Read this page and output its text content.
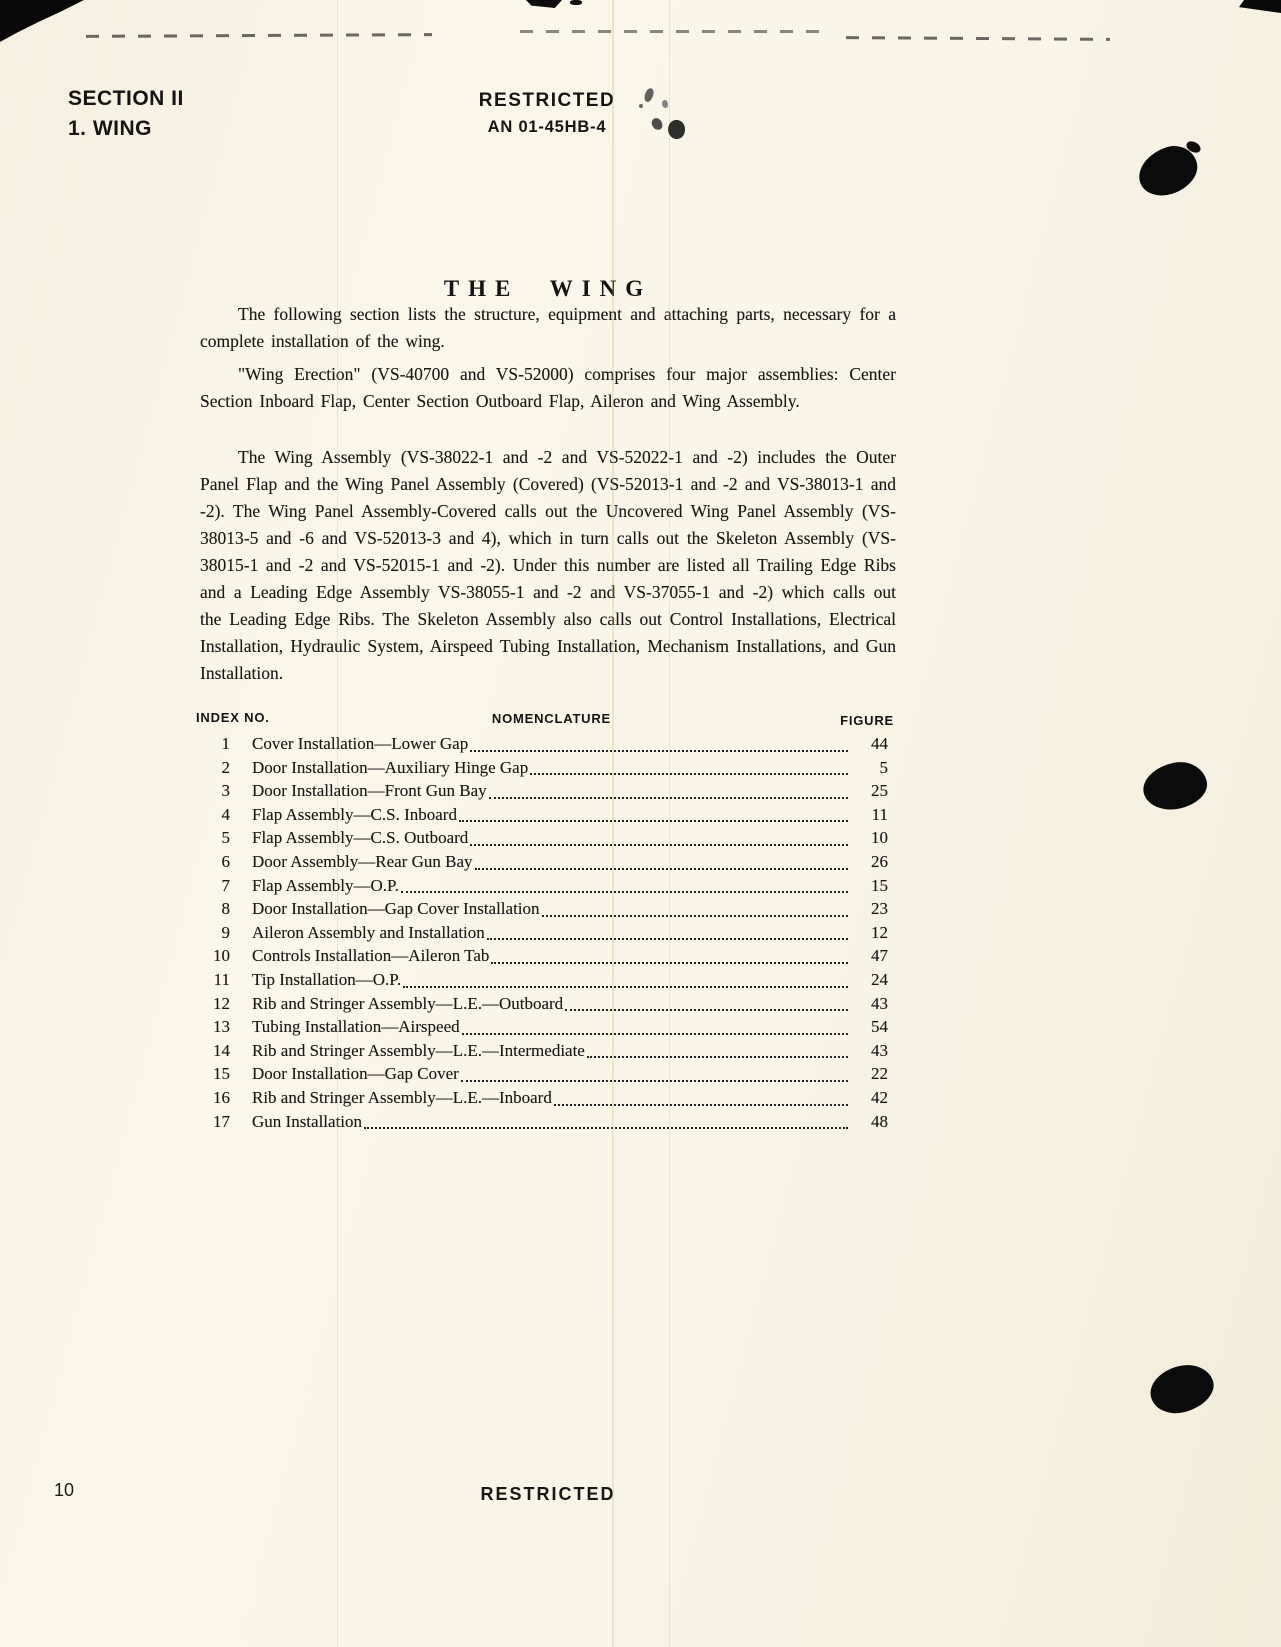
SECTION II
1. WING
RESTRICTED
AN 01-45HB-4
THE WING
The following section lists the structure, equipment and attaching parts, necessary for a complete installation of the wing.
"Wing Erection" (VS-40700 and VS-52000) comprises four major assemblies: Center Section Inboard Flap, Center Section Outboard Flap, Aileron and Wing Assembly.
The Wing Assembly (VS-38022-1 and -2 and VS-52022-1 and -2) includes the Outer Panel Flap and the Wing Panel Assembly (Covered) (VS-52013-1 and -2 and VS-38013-1 and -2). The Wing Panel Assembly-Covered calls out the Uncovered Wing Panel Assembly (VS-38013-5 and -6 and VS-52013-3 and 4), which in turn calls out the Skeleton Assembly (VS-38015-1 and -2 and VS-52015-1 and -2). Under this number are listed all Trailing Edge Ribs and a Leading Edge Assembly VS-38055-1 and -2 and VS-37055-1 and -2) which calls out the Leading Edge Ribs. The Skeleton Assembly also calls out Control Installations, Electrical Installation, Hydraulic System, Airspeed Tubing Installation, Mechanism Installations, and Gun Installation.
INDEX NO.	NOMENCLATURE	FIGURE
1 Cover Installation—Lower Gap	44
2 Door Installation—Auxiliary Hinge Gap	5
3 Door Installation—Front Gun Bay	25
4 Flap Assembly—C.S. Inboard	11
5 Flap Assembly—C.S. Outboard	10
6 Door Assembly—Rear Gun Bay	26
7 Flap Assembly—O.P.	15
8 Door Installation—Gap Cover Installation	23
9 Aileron Assembly and Installation	12
10 Controls Installation—Aileron Tab	47
11 Tip Installation—O.P.	24
12 Rib and Stringer Assembly—L.E.—Outboard	43
13 Tubing Installation—Airspeed	54
14 Rib and Stringer Assembly—L.E.—Intermediate	43
15 Door Installation—Gap Cover	22
16 Rib and Stringer Assembly—L.E.—Inboard	42
17 Gun Installation	48
10	RESTRICTED
